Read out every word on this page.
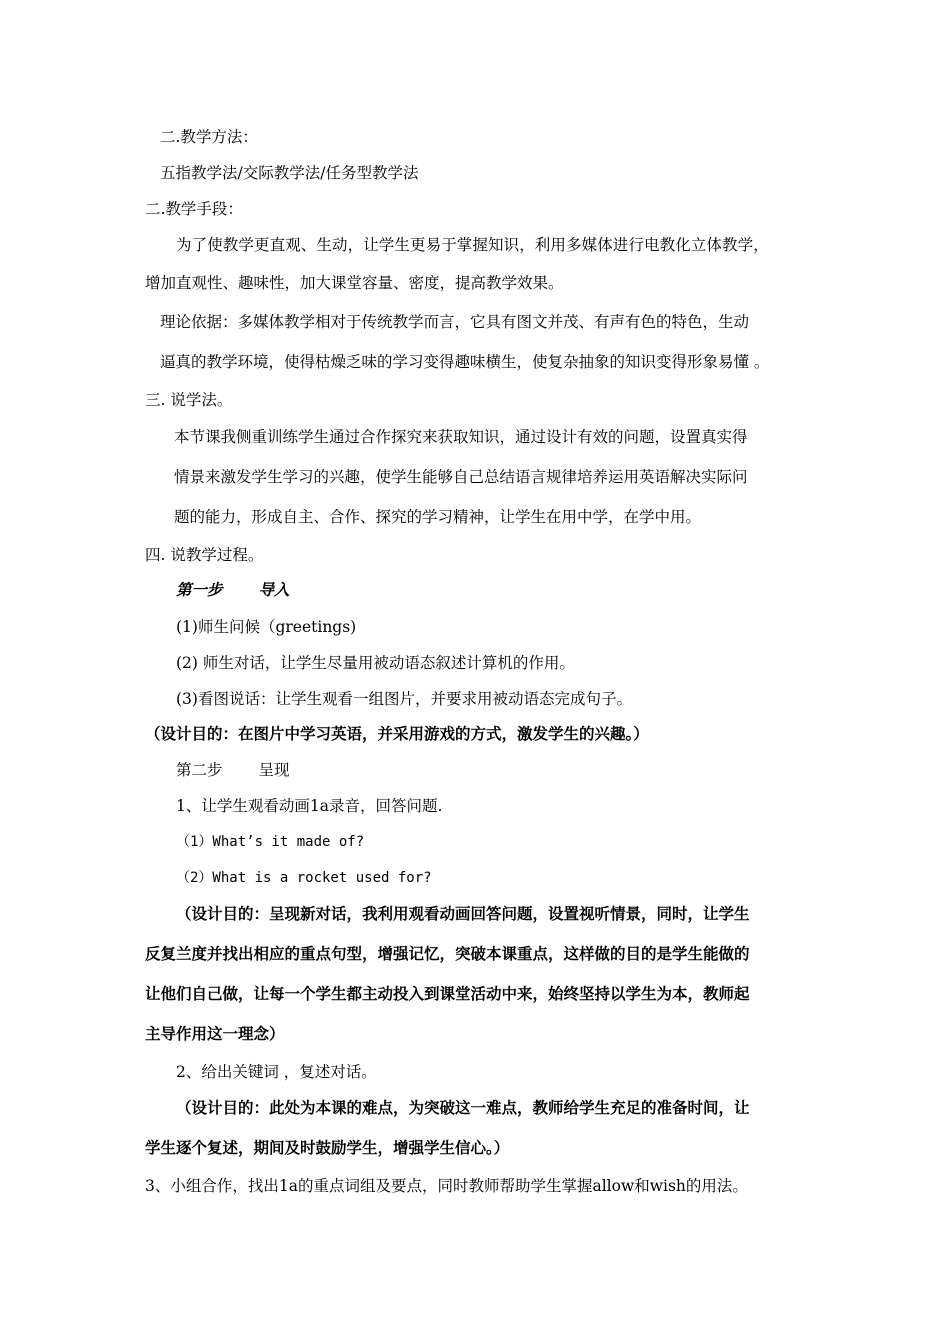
二.教学方法：
五指教学法/交际教学法/任务型教学法
二.教学手段：
为了使教学更直观、生动，让学生更易于掌握知识，利用多媒体进行电教化立体教学，
增加直观性、趣味性，加大课堂容量、密度，提高教学效果。
理论依据：多媒体教学相对于传统教学而言，它具有图文并茂、有声有色的特色，生动
逼真的教学环境，使得枯燥乏味的学习变得趣味横生，使复杂抽象的知识变得形象易懂 。
三. 说学法。
本节课我侧重训练学生通过合作探究来获取知识，通过设计有效的问题，设置真实得
情景来激发学生学习的兴趣，使学生能够自己总结语言规律培养运用英语解决实际问
题的能力，形成自主、合作、探究的学习精神，让学生在用中学，在学中用。
四. 说教学过程。
第一步 导入
(1)师生问候（greetings)
(2) 师生对话，让学生尽量用被动语态叙述计算机的作用。
(3)看图说话：让学生观看一组图片，并要求用被动语态完成句子。
（设计目的：在图片中学习英语，并采用游戏的方式，激发学生的兴趣。）
第二步 呈现
1、让学生观看动画1a录音，回答问题.
（1）What’s it made of?
（2）What is a rocket used for?
（设计目的：呈现新对话，我利用观看动画回答问题，设置视听情景，同时，让学生
反复兰度并找出相应的重点句型，增强记忆，突破本课重点，这样做的目的是学生能做的
让他们自己做，让每一个学生都主动投入到课堂活动中来，始终坚持以学生为本，教师起
主导作用这一理念）
2、给出关键词 ，复述对话。
（设计目的：此处为本课的难点，为突破这一难点，教师给学生充足的准备时间，让
学生逐个复述，期间及时鼓励学生，增强学生信心。）
3、小组合作，找出1a的重点词组及要点，同时教师帮助学生掌握allow和wish的用法。
